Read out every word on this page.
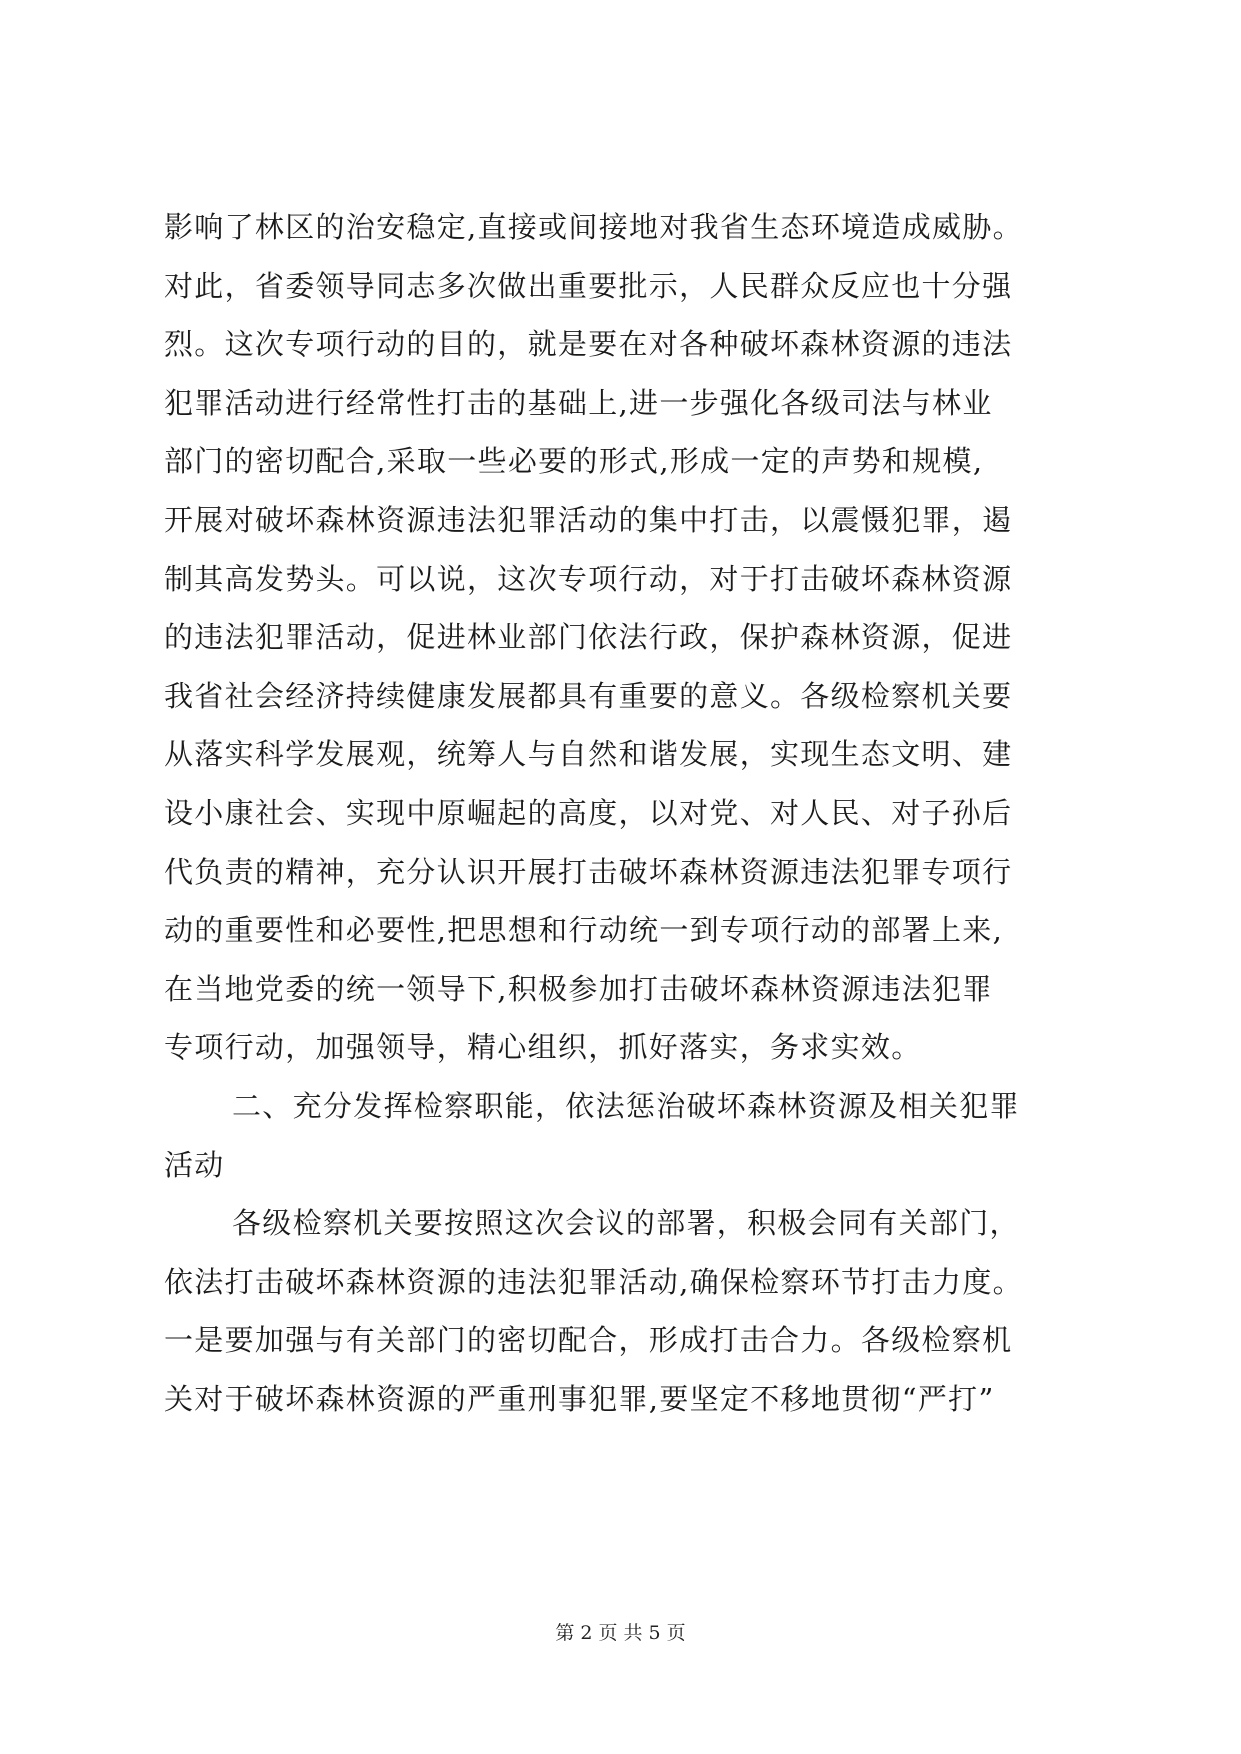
影响了林区的治安稳定,直接或间接地对我省生态环境造成威胁。
对此，省委领导同志多次做出重要批示，人民群众反应也十分强
烈。这次专项行动的目的，就是要在对各种破坏森林资源的违法
犯罪活动进行经常性打击的基础上,进一步强化各级司法与林业
部门的密切配合,采取一些必要的形式,形成一定的声势和规模,
开展对破坏森林资源违法犯罪活动的集中打击，以震慑犯罪，遏
制其高发势头。可以说，这次专项行动，对于打击破坏森林资源
的违法犯罪活动，促进林业部门依法行政，保护森林资源，促进
我省社会经济持续健康发展都具有重要的意义。各级检察机关要
从落实科学发展观，统筹人与自然和谐发展，实现生态文明、建
设小康社会、实现中原崛起的高度，以对党、对人民、对子孙后
代负责的精神，充分认识开展打击破坏森林资源违法犯罪专项行
动的重要性和必要性,把思想和行动统一到专项行动的部署上来,
在当地党委的统一领导下,积极参加打击破坏森林资源违法犯罪
专项行动，加强领导，精心组织，抓好落实，务求实效。
二、充分发挥检察职能，依法惩治破坏森林资源及相关犯罪
活动
各级检察机关要按照这次会议的部署，积极会同有关部门，
依法打击破坏森林资源的违法犯罪活动,确保检察环节打击力度。
一是要加强与有关部门的密切配合，形成打击合力。各级检察机
关对于破坏森林资源的严重刑事犯罪,要坚定不移地贯彻“严打”
第 2 页 共 5 页
